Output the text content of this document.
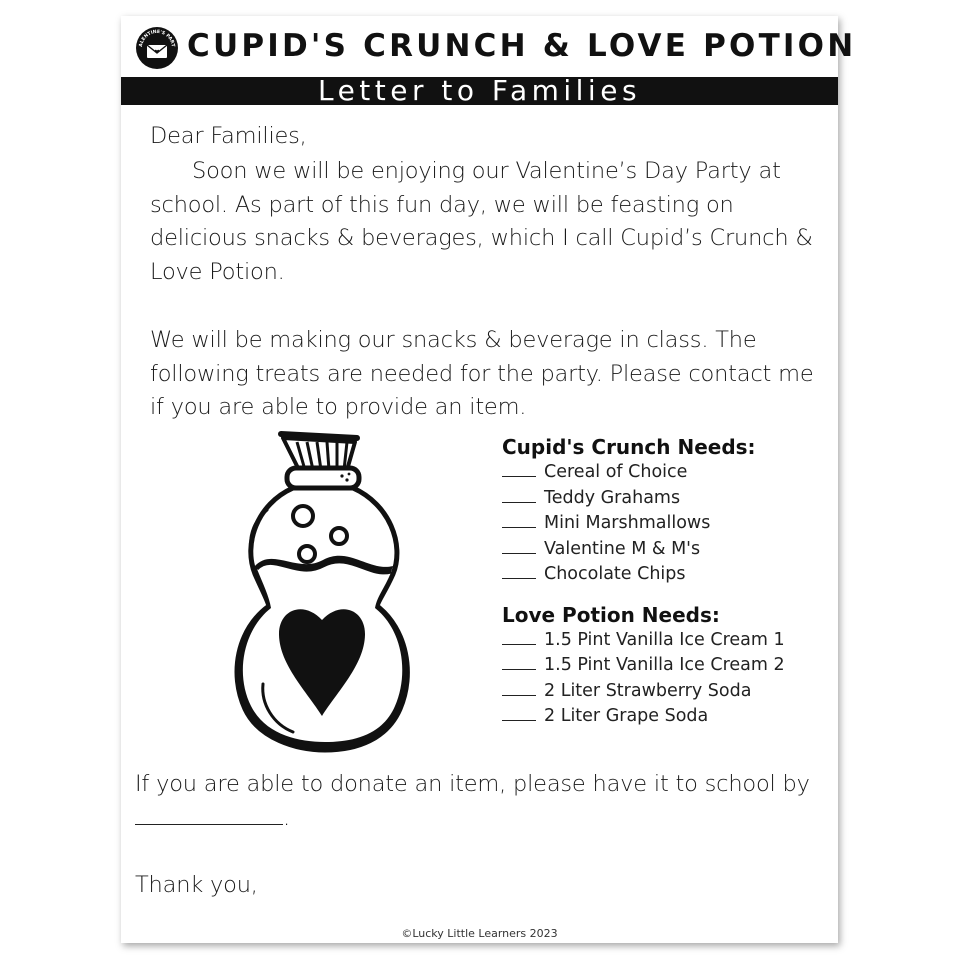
ALENTINE'S PART CUPID'S CRUNCH & LOVE POTION
Letter to Families
Dear Families,
Soon we will be enjoying our Valentine’s Day Party at school. As part of this fun day, we will be feasting on delicious snacks & beverages, which I call Cupid’s Crunch & Love Potion.
We will be making our snacks & beverage in class. The following treats are needed for the party. Please contact me if you are able to provide an item.
Cupid's Crunch Needs:
Cereal of Choice
Teddy Grahams
Mini Marshmallows
Valentine M & M's
Chocolate Chips
Love Potion Needs:
1.5 Pint Vanilla Ice Cream 1
1.5 Pint Vanilla Ice Cream 2
2 Liter Strawberry Soda
2 Liter Grape Soda
If you are able to donate an item, please have it to school by .
Thank you,
©Lucky Little Learners 2023
